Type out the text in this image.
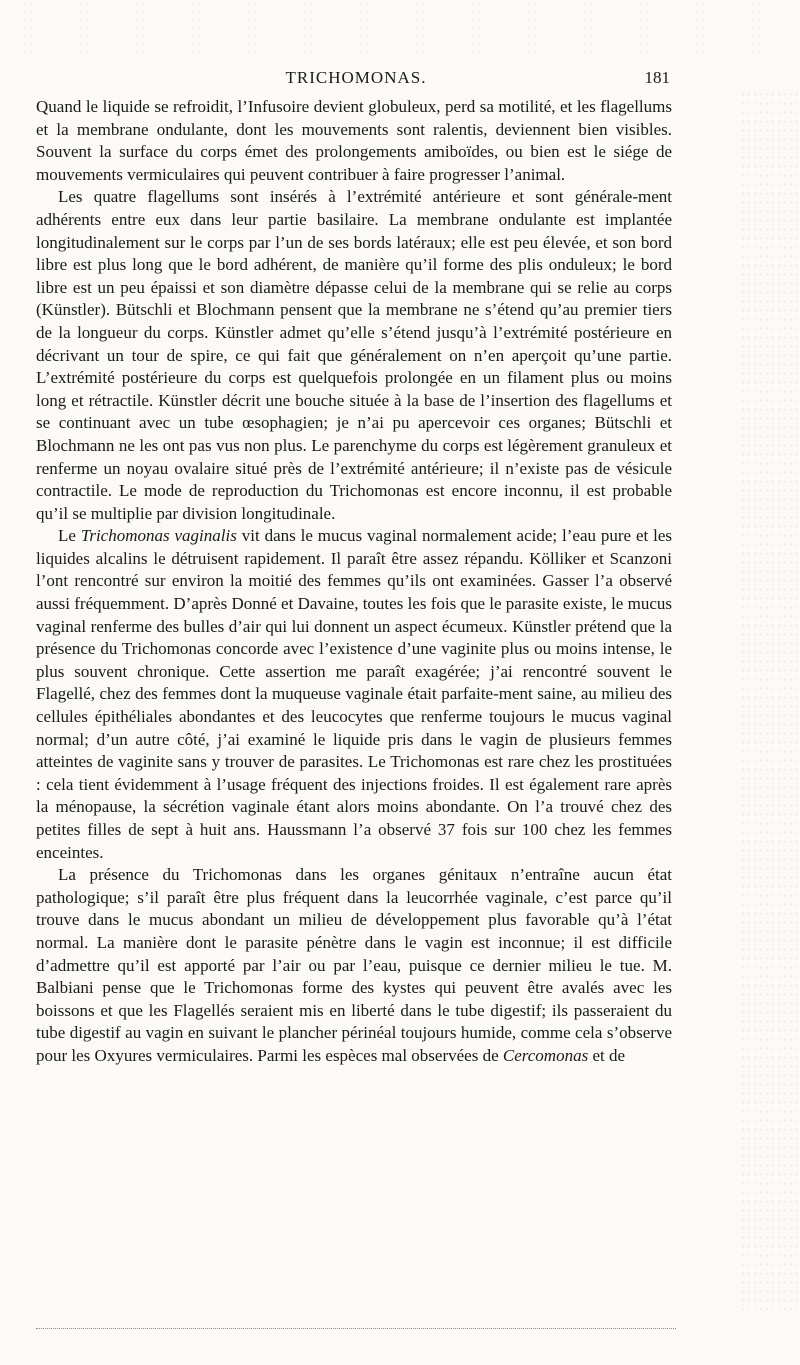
TRICHOMONAS.	181

Quand le liquide se refroidit, l’Infusoire devient globuleux, perd sa motilité, et les flagellums et la membrane ondulante, dont les mouvements sont ralentis, deviennent bien visibles. Souvent la surface du corps émet des prolongements amiboïdes, ou bien est le siége de mouvements vermiculaires qui peuvent contribuer à faire progresser l’animal.

Les quatre flagellums sont insérés à l’extrémité antérieure et sont générale-ment adhérents entre eux dans leur partie basilaire. La membrane ondulante est implantée longitudinalement sur le corps par l’un de ses bords latéraux; elle est peu élevée, et son bord libre est plus long que le bord adhérent, de manière qu’il forme des plis onduleux; le bord libre est un peu épaissi et son diamètre dépasse celui de la membrane qui se relie au corps (Künstler). Bütschli et Blochmann pensent que la membrane ne s’étend qu’au premier tiers de la longueur du corps. Künstler admet qu’elle s’étend jusqu’à l’extrémité postérieure en décrivant un tour de spire, ce qui fait que généralement on n’en aperçoit qu’une partie. L’extrémité postérieure du corps est quelquefois prolongée en un filament plus ou moins long et rétractile. Künstler décrit une bouche située à la base de l’insertion des flagellums et se continuant avec un tube œsophagien; je n’ai pu apercevoir ces organes; Bütschli et Blochmann ne les ont pas vus non plus. Le parenchyme du corps est légèrement granuleux et renferme un noyau ovalaire situé près de l’extrémité antérieure; il n’existe pas de vésicule contractile. Le mode de reproduction du Trichomonas est encore inconnu, il est probable qu’il se multiplie par division longitudinale.

Le Trichomonas vaginalis vit dans le mucus vaginal normalement acide; l’eau pure et les liquides alcalins le détruisent rapidement. Il paraît être assez répandu. Kölliker et Scanzoni l’ont rencontré sur environ la moitié des femmes qu’ils ont examinées. Gasser l’a observé aussi fréquemment. D’après Donné et Davaine, toutes les fois que le parasite existe, le mucus vaginal renferme des bulles d’air qui lui donnent un aspect écumeux. Künstler prétend que la présence du Trichomonas concorde avec l’existence d’une vaginite plus ou moins intense, le plus souvent chronique. Cette assertion me paraît exagérée; j’ai rencontré souvent le Flagellé, chez des femmes dont la muqueuse vaginale était parfaite-ment saine, au milieu des cellules épithéliales abondantes et des leucocytes que renferme toujours le mucus vaginal normal; d’un autre côté, j’ai examiné le liquide pris dans le vagin de plusieurs femmes atteintes de vaginite sans y trouver de parasites. Le Trichomonas est rare chez les prostituées : cela tient évidemment à l’usage fréquent des injections froides. Il est également rare après la ménopause, la sécrétion vaginale étant alors moins abondante. On l’a trouvé chez des petites filles de sept à huit ans. Haussmann l’a observé 37 fois sur 100 chez les femmes enceintes.

La présence du Trichomonas dans les organes génitaux n’entraîne aucun état pathologique; s’il paraît être plus fréquent dans la leucorrhée vaginale, c’est parce qu’il trouve dans le mucus abondant un milieu de développement plus favorable qu’à l’état normal. La manière dont le parasite pénètre dans le vagin est inconnue; il est difficile d’admettre qu’il est apporté par l’air ou par l’eau, puisque ce dernier milieu le tue. M. Balbiani pense que le Trichomonas forme des kystes qui peuvent être avalés avec les boissons et que les Flagellés seraient mis en liberté dans le tube digestif; ils passeraient du tube digestif au vagin en suivant le plancher périnéal toujours humide, comme cela s’observe pour les Oxyures vermiculaires. Parmi les espèces mal observées de Cercomonas et de
